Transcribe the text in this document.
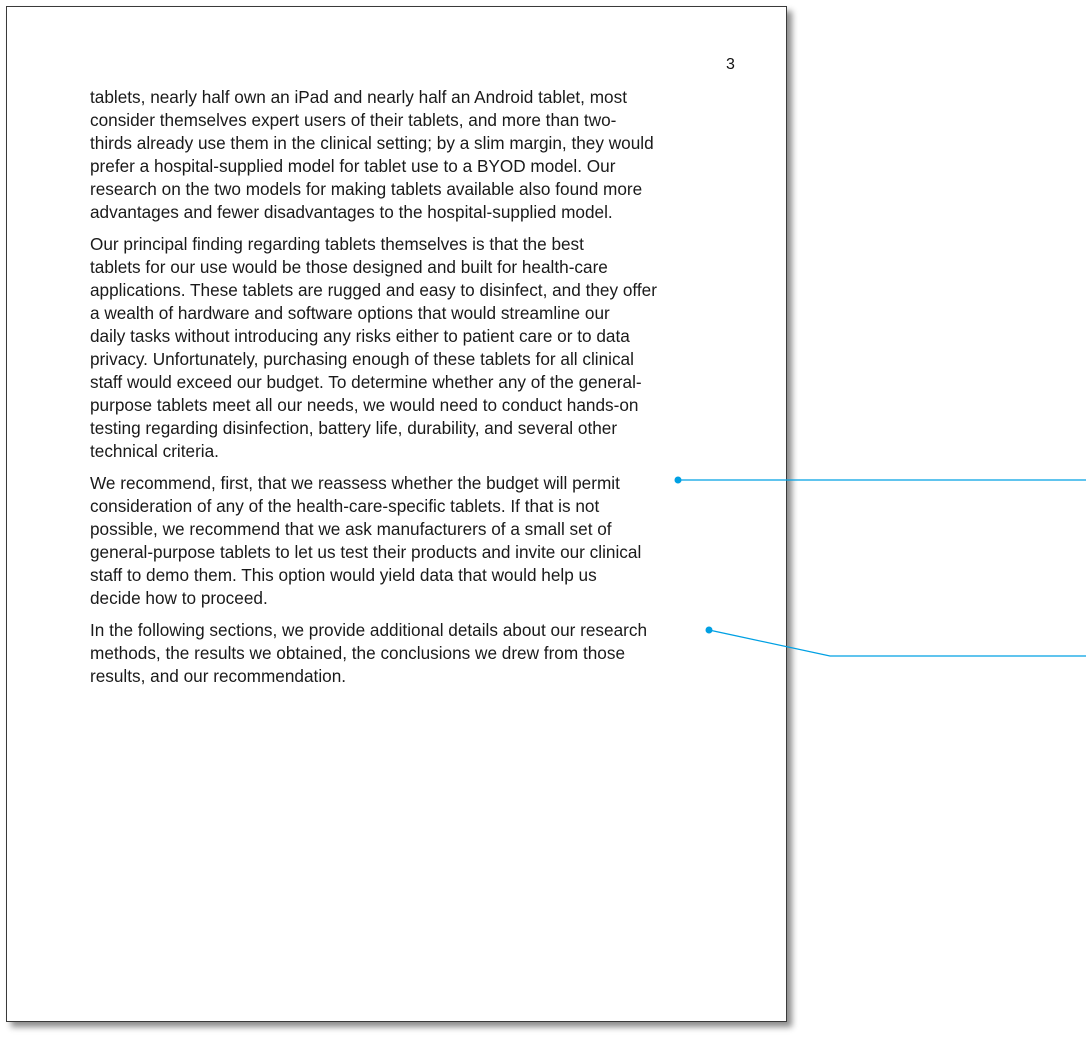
3

tablets, nearly half own an iPad and nearly half an Android tablet, most
consider themselves expert users of their tablets, and more than two-
thirds already use them in the clinical setting; by a slim margin, they would
prefer a hospital-supplied model for tablet use to a BYOD model. Our
research on the two models for making tablets available also found more
advantages and fewer disadvantages to the hospital-supplied model.

Our principal finding regarding tablets themselves is that the best
tablets for our use would be those designed and built for health-care
applications. These tablets are rugged and easy to disinfect, and they offer
a wealth of hardware and software options that would streamline our
daily tasks without introducing any risks either to patient care or to data
privacy. Unfortunately, purchasing enough of these tablets for all clinical
staff would exceed our budget. To determine whether any of the general-
purpose tablets meet all our needs, we would need to conduct hands-on
testing regarding disinfection, battery life, durability, and several other
technical criteria.

We recommend, first, that we reassess whether the budget will permit
consideration of any of the health-care-specific tablets. If that is not
possible, we recommend that we ask manufacturers of a small set of
general-purpose tablets to let us test their products and invite our clinical
staff to demo them. This option would yield data that would help us
decide how to proceed.

In the following sections, we provide additional details about our research
methods, the results we obtained, the conclusions we drew from those
results, and our recommendation.
